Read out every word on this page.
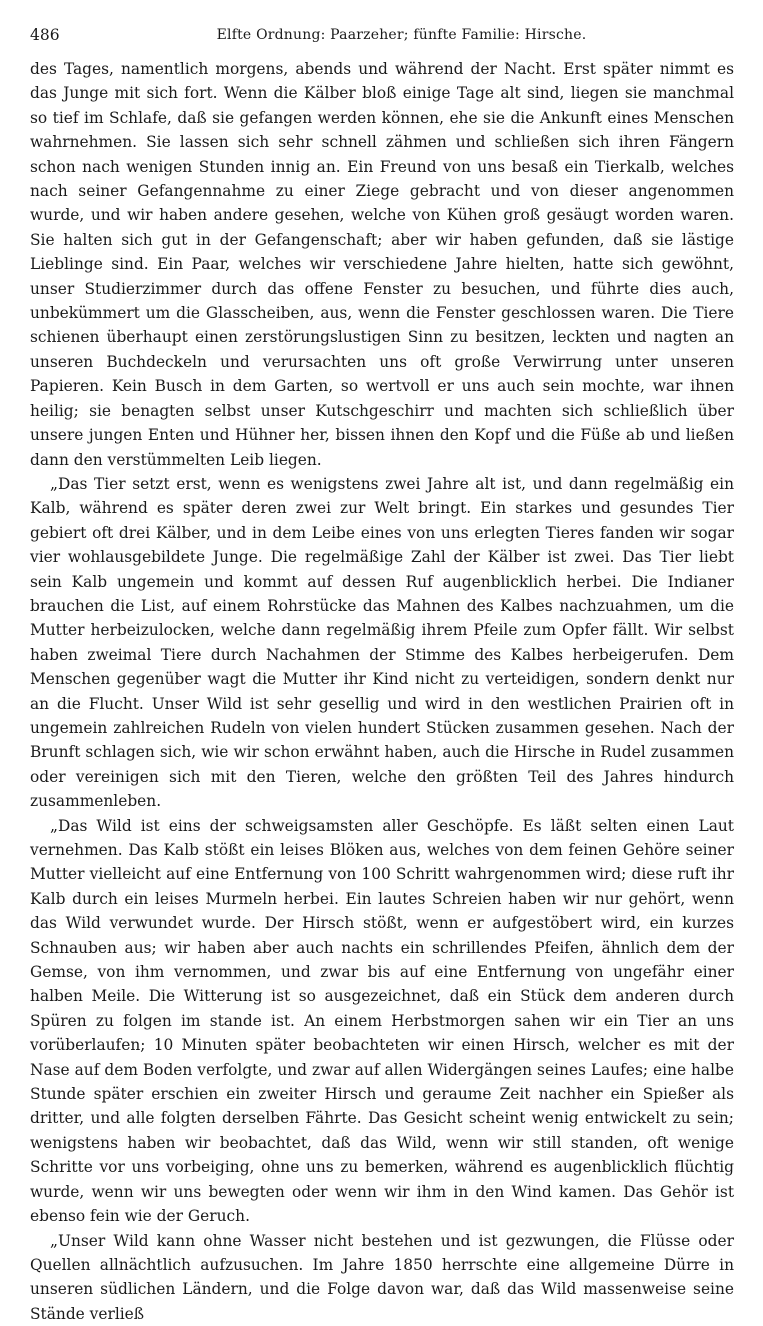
486	Elfte Ordnung: Paarzeher; fünfte Familie: Hirsche.

des Tages, namentlich morgens, abends und während der Nacht. Erst später nimmt es das Junge mit sich fort. Wenn die Kälber bloß einige Tage alt sind, liegen sie manchmal so tief im Schlafe, daß sie gefangen werden können, ehe sie die Ankunft eines Menschen wahrnehmen. Sie lassen sich sehr schnell zähmen und schließen sich ihren Fängern schon nach wenigen Stunden innig an. Ein Freund von uns besaß ein Tierkalb, welches nach seiner Gefangennahme zu einer Ziege gebracht und von dieser angenommen wurde, und wir haben andere gesehen, welche von Kühen groß gesäugt worden waren. Sie halten sich gut in der Gefangenschaft; aber wir haben gefunden, daß sie lästige Lieblinge sind. Ein Paar, welches wir verschiedene Jahre hielten, hatte sich gewöhnt, unser Studierzimmer durch das offene Fenster zu besuchen, und führte dies auch, unbekümmert um die Glasscheiben, aus, wenn die Fenster geschlossen waren. Die Tiere schienen überhaupt einen zerstörungslustigen Sinn zu besitzen, leckten und nagten an unseren Buchdeckeln und verursachten uns oft große Verwirrung unter unseren Papieren. Kein Busch in dem Garten, so wertvoll er uns auch sein mochte, war ihnen heilig; sie benagten selbst unser Kutschgeschirr und machten sich schließlich über unsere jungen Enten und Hühner her, bissen ihnen den Kopf und die Füße ab und ließen dann den verstümmelten Leib liegen.

„Das Tier setzt erst, wenn es wenigstens zwei Jahre alt ist, und dann regelmäßig ein Kalb, während es später deren zwei zur Welt bringt. Ein starkes und gesundes Tier gebiert oft drei Kälber, und in dem Leibe eines von uns erlegten Tieres fanden wir sogar vier wohlausgebildete Junge. Die regelmäßige Zahl der Kälber ist zwei. Das Tier liebt sein Kalb ungemein und kommt auf dessen Ruf augenblicklich herbei. Die Indianer brauchen die List, auf einem Rohrstücke das Mahnen des Kalbes nachzuahmen, um die Mutter herbeizulocken, welche dann regelmäßig ihrem Pfeile zum Opfer fällt. Wir selbst haben zweimal Tiere durch Nachahmen der Stimme des Kalbes herbeigerufen. Dem Menschen gegenüber wagt die Mutter ihr Kind nicht zu verteidigen, sondern denkt nur an die Flucht. Unser Wild ist sehr gesellig und wird in den westlichen Prairien oft in ungemein zahlreichen Rudeln von vielen hundert Stücken zusammen gesehen. Nach der Brunft schlagen sich, wie wir schon erwähnt haben, auch die Hirsche in Rudel zusammen oder vereinigen sich mit den Tieren, welche den größten Teil des Jahres hindurch zusammenleben.

„Das Wild ist eins der schweigsamsten aller Geschöpfe. Es läßt selten einen Laut vernehmen. Das Kalb stößt ein leises Blöken aus, welches von dem feinen Gehöre seiner Mutter vielleicht auf eine Entfernung von 100 Schritt wahrgenommen wird; diese ruft ihr Kalb durch ein leises Murmeln herbei. Ein lautes Schreien haben wir nur gehört, wenn das Wild verwundet wurde. Der Hirsch stößt, wenn er aufgestöbert wird, ein kurzes Schnauben aus; wir haben aber auch nachts ein schrillendes Pfeifen, ähnlich dem der Gemse, von ihm vernommen, und zwar bis auf eine Entfernung von ungefähr einer halben Meile. Die Witterung ist so ausgezeichnet, daß ein Stück dem anderen durch Spüren zu folgen im stande ist. An einem Herbstmorgen sahen wir ein Tier an uns vorüberlaufen; 10 Minuten später beobachteten wir einen Hirsch, welcher es mit der Nase auf dem Boden verfolgte, und zwar auf allen Widergängen seines Laufes; eine halbe Stunde später erschien ein zweiter Hirsch und geraume Zeit nachher ein Spießer als dritter, und alle folgten derselben Fährte. Das Gesicht scheint wenig entwickelt zu sein; wenigstens haben wir beobachtet, daß das Wild, wenn wir still standen, oft wenige Schritte vor uns vorbeiging, ohne uns zu bemerken, während es augenblicklich flüchtig wurde, wenn wir uns bewegten oder wenn wir ihm in den Wind kamen. Das Gehör ist ebenso fein wie der Geruch.

„Unser Wild kann ohne Wasser nicht bestehen und ist gezwungen, die Flüsse oder Quellen allnächtlich aufzusuchen. Im Jahre 1850 herrschte eine allgemeine Dürre in unseren südlichen Ländern, und die Folge davon war, daß das Wild massenweise seine Stände verließ
